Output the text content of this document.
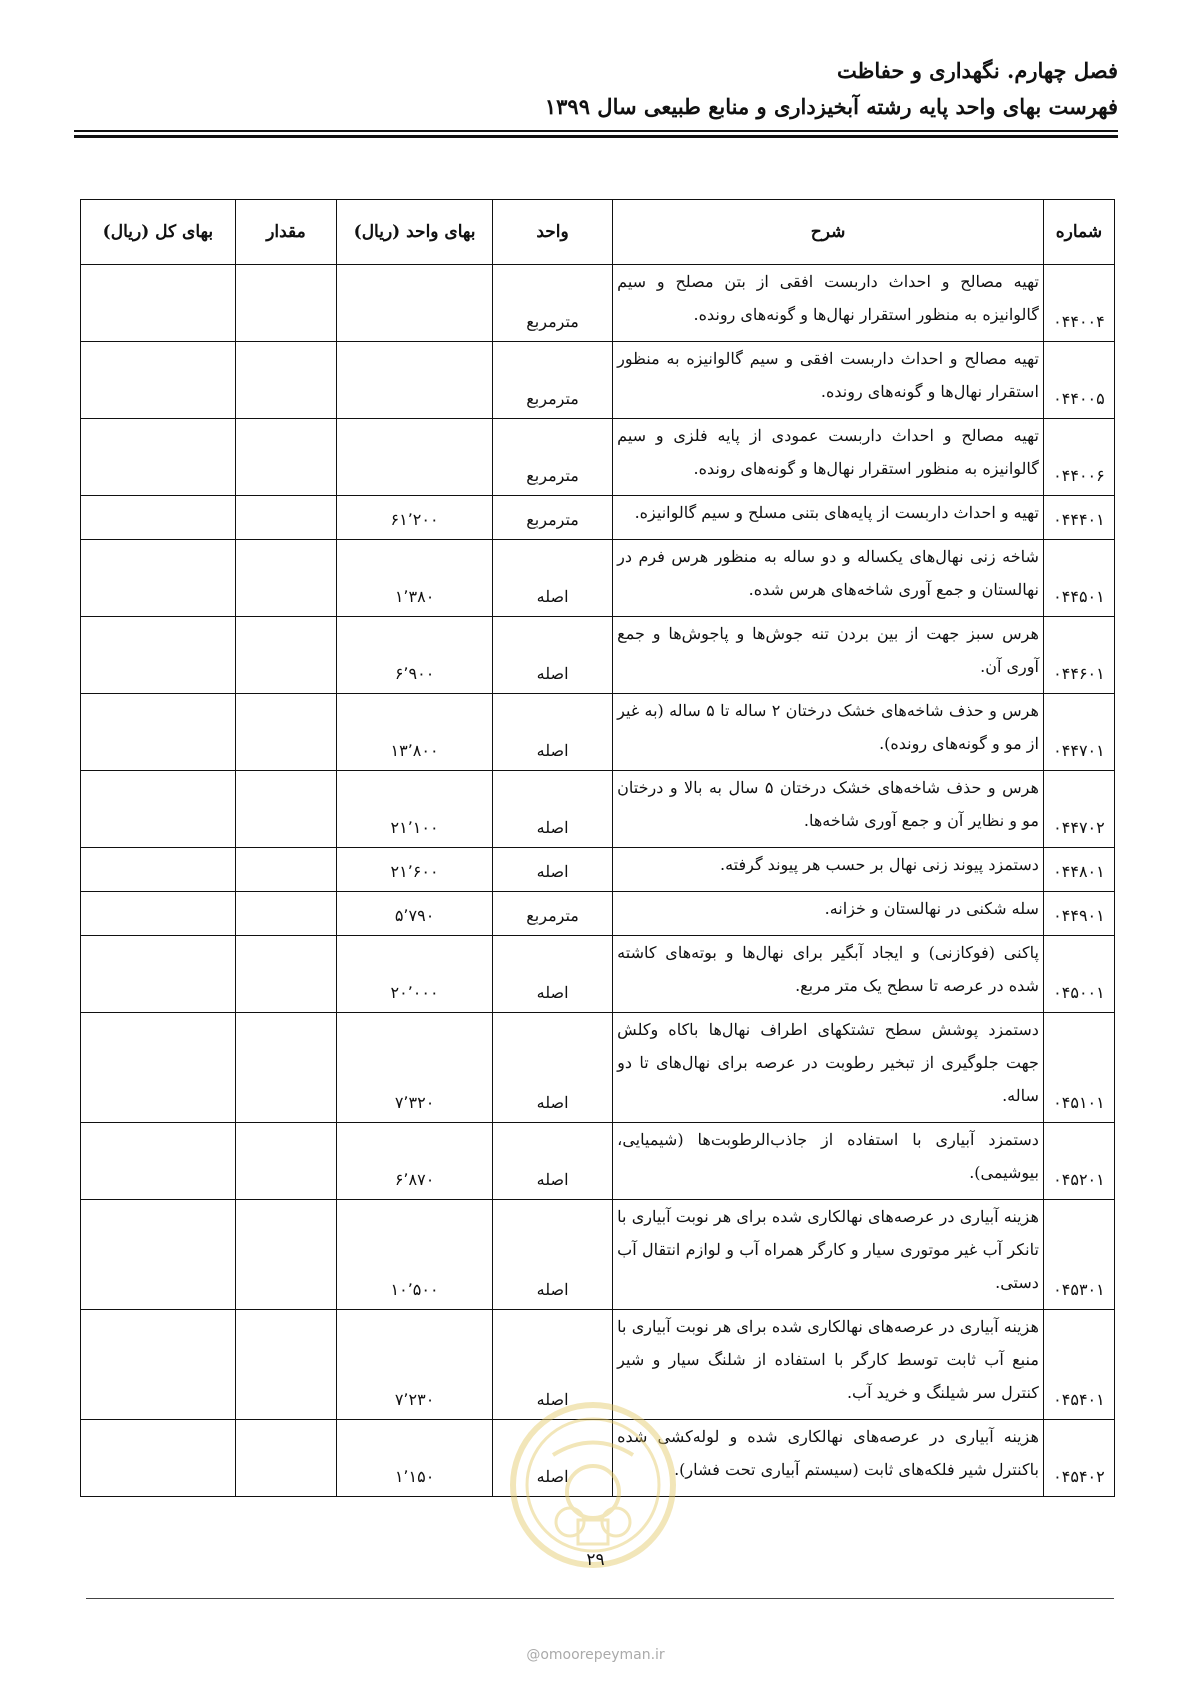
فصل چهارم. نگهداری و حفاظت
فهرست بهای واحد پایه رشته آبخیزداری و منابع طبیعی سال ۱۳۹۹
شماره	شرح	واحد	بهای واحد (ریال)	مقدار	بهای کل (ریال)
۰۴۴۰۰۴	تهیه مصالح و احداث داربست افقی از بتن مصلح و سیم گالوانیزه به منظور استقرار نهال‌ها و گونه‌های رونده.	مترمربع			
۰۴۴۰۰۵	تهیه مصالح و احداث داربست افقی و سیم گالوانیزه به منظور استقرار نهال‌ها و گونه‌های رونده.	مترمربع			
۰۴۴۰۰۶	تهیه مصالح و احداث داربست عمودی از پایه فلزی و سیم گالوانیزه به منظور استقرار نهال‌ها و گونه‌های رونده.	مترمربع			
۰۴۴۴۰۱	تهیه و احداث داربست از پایه‌های بتنی مسلح و سیم گالوانیزه.	مترمربع	۶۱٬۲۰۰		
۰۴۴۵۰۱	شاخه زنی نهال‌های یکساله و دو ساله به منظور هرس فرم در نهالستان و جمع آوری شاخه‌های هرس شده.	اصله	۱٬۳۸۰		
۰۴۴۶۰۱	هرس سبز جهت از بین بردن تنه جوش‌ها و پاجوش‌ها و جمع آوری آن.	اصله	۶٬۹۰۰		
۰۴۴۷۰۱	هرس و حذف شاخه‌های خشک درختان ۲ ساله تا ۵ ساله (به غیر از مو و گونه‌های رونده).	اصله	۱۳٬۸۰۰		
۰۴۴۷۰۲	هرس و حذف شاخه‌های خشک درختان ۵ سال به بالا و درختان مو و نظایر آن و جمع آوری شاخه‌ها.	اصله	۲۱٬۱۰۰		
۰۴۴۸۰۱	دستمزد پیوند زنی نهال بر حسب هر پیوند گرفته.	اصله	۲۱٬۶۰۰		
۰۴۴۹۰۱	سله شکنی در نهالستان و خزانه.	مترمربع	۵٬۷۹۰		
۰۴۵۰۰۱	پاکنی (فوکازنی) و ایجاد آبگیر برای نهال‌ها و بوته‌های کاشته شده در عرصه تا سطح یک متر مربع.	اصله	۲۰٬۰۰۰		
۰۴۵۱۰۱	دستمزد پوشش سطح تشتکهای اطراف نهال‌ها باکاه وکلش جهت جلوگیری از تبخیر رطوبت در عرصه برای نهال‌های تا دو ساله.	اصله	۷٬۳۲۰		
۰۴۵۲۰۱	دستمزد آبیاری با استفاده از جاذب‌الرطوبت‌ها (شیمیایی، بیوشیمی).	اصله	۶٬۸۷۰		
۰۴۵۳۰۱	هزینه آبیاری در عرصه‌های نهالکاری شده برای هر نوبت آبیاری با تانکر آب غیر موتوری سیار و کارگر همراه آب و لوازم انتقال آب دستی.	اصله	۱۰٬۵۰۰		
۰۴۵۴۰۱	هزینه آبیاری در عرصه‌های نهالکاری شده برای هر نوبت آبیاری با منبع آب ثابت توسط کارگر با استفاده از شلنگ سیار و شیر کنترل سر شیلنگ و خرید آب.	اصله	۷٬۲۳۰		
۰۴۵۴۰۲	هزینه آبیاری در عرصه‌های نهالکاری شده و لوله‌کشی شده باکنترل شیر فلکه‌های ثابت (سیستم آبیاری تحت فشار).	اصله	۱٬۱۵۰		
۲۹
@omoorepeyman.ir
